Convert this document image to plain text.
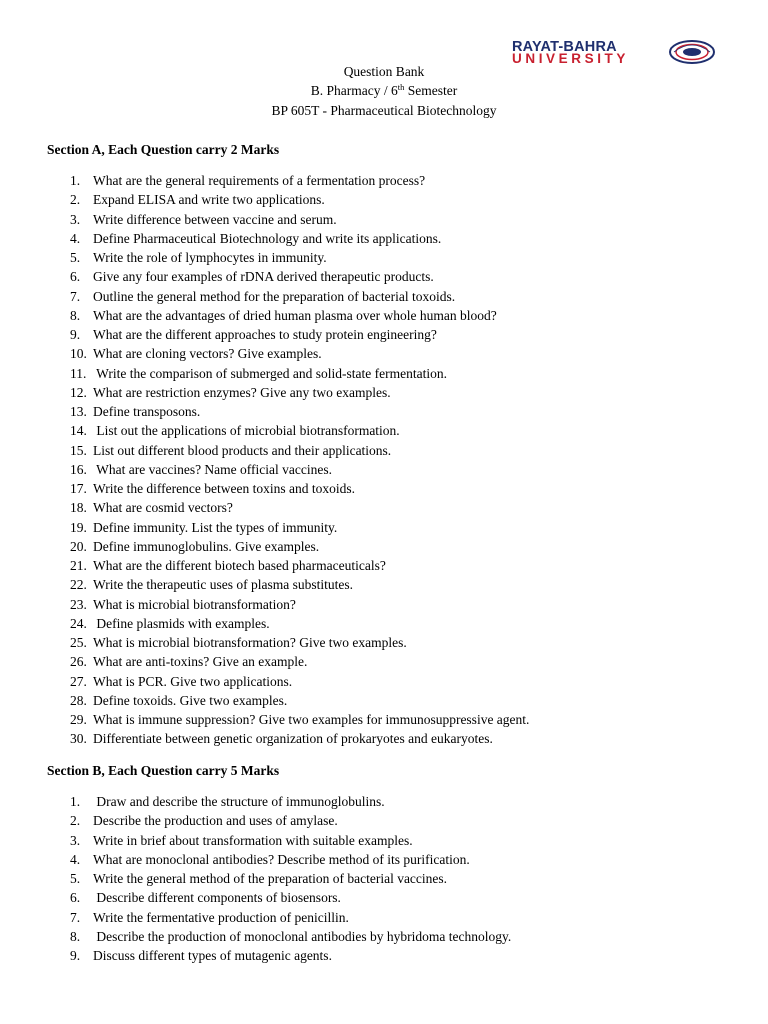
RAYAT-BAHRA
UNIVERSITY
Question Bank
B. Pharmacy / 6th Semester
BP 605T - Pharmaceutical Biotechnology
Section A, Each Question carry 2 Marks
1. What are the general requirements of a fermentation process?
2. Expand ELISA and write two applications.
3. Write difference between vaccine and serum.
4. Define Pharmaceutical Biotechnology and write its applications.
5. Write the role of lymphocytes in immunity.
6. Give any four examples of rDNA derived therapeutic products.
7. Outline the general method for the preparation of bacterial toxoids.
8. What are the advantages of dried human plasma over whole human blood?
9. What are the different approaches to study protein engineering?
10. What are cloning vectors? Give examples.
11. Write the comparison of submerged and solid-state fermentation.
12. What are restriction enzymes? Give any two examples.
13. Define transposons.
14. List out the applications of microbial biotransformation.
15. List out different blood products and their applications.
16. What are vaccines? Name official vaccines.
17. Write the difference between toxins and toxoids.
18. What are cosmid vectors?
19. Define immunity. List the types of immunity.
20. Define immunoglobulins. Give examples.
21. What are the different biotech based pharmaceuticals?
22. Write the therapeutic uses of plasma substitutes.
23. What is microbial biotransformation?
24. Define plasmids with examples.
25. What is microbial biotransformation? Give two examples.
26. What are anti-toxins? Give an example.
27. What is PCR. Give two applications.
28. Define toxoids. Give two examples.
29. What is immune suppression? Give two examples for immunosuppressive agent.
30. Differentiate between genetic organization of prokaryotes and eukaryotes.
Section B, Each Question carry 5 Marks
1. Draw and describe the structure of immunoglobulins.
2. Describe the production and uses of amylase.
3. Write in brief about transformation with suitable examples.
4. What are monoclonal antibodies? Describe method of its purification.
5. Write the general method of the preparation of bacterial vaccines.
6. Describe different components of biosensors.
7. Write the fermentative production of penicillin.
8. Describe the production of monoclonal antibodies by hybridoma technology.
9. Discuss different types of mutagenic agents.
